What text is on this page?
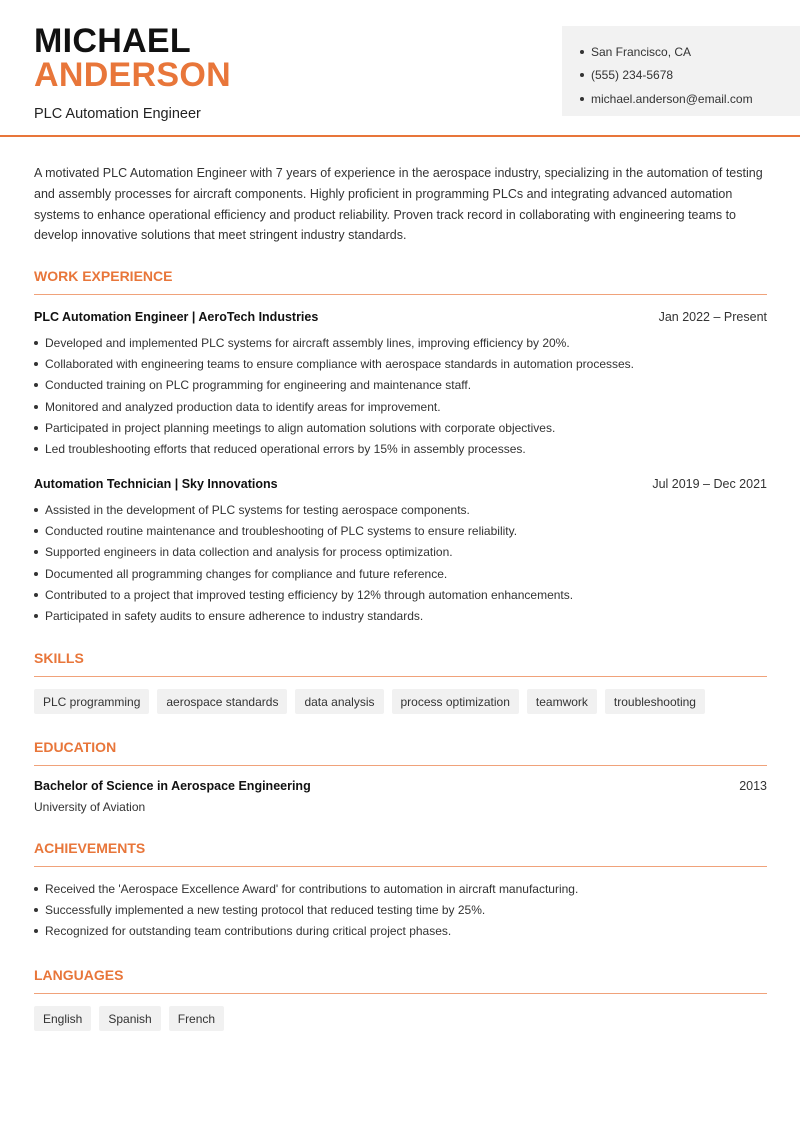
MICHAEL
ANDERSON
PLC Automation Engineer
San Francisco, CA
(555) 234-5678
michael.anderson@email.com
A motivated PLC Automation Engineer with 7 years of experience in the aerospace industry, specializing in the automation of testing and assembly processes for aircraft components. Highly proficient in programming PLCs and integrating advanced automation systems to enhance operational efficiency and product reliability. Proven track record in collaborating with engineering teams to develop innovative solutions that meet stringent industry standards.
WORK EXPERIENCE
PLC Automation Engineer | AeroTech Industries	Jan 2022 – Present
Developed and implemented PLC systems for aircraft assembly lines, improving efficiency by 20%.
Collaborated with engineering teams to ensure compliance with aerospace standards in automation processes.
Conducted training on PLC programming for engineering and maintenance staff.
Monitored and analyzed production data to identify areas for improvement.
Participated in project planning meetings to align automation solutions with corporate objectives.
Led troubleshooting efforts that reduced operational errors by 15% in assembly processes.
Automation Technician | Sky Innovations	Jul 2019 – Dec 2021
Assisted in the development of PLC systems for testing aerospace components.
Conducted routine maintenance and troubleshooting of PLC systems to ensure reliability.
Supported engineers in data collection and analysis for process optimization.
Documented all programming changes for compliance and future reference.
Contributed to a project that improved testing efficiency by 12% through automation enhancements.
Participated in safety audits to ensure adherence to industry standards.
SKILLS
PLC programming	aerospace standards	data analysis	process optimization	teamwork	troubleshooting
EDUCATION
Bachelor of Science in Aerospace Engineering	2013
University of Aviation
ACHIEVEMENTS
Received the 'Aerospace Excellence Award' for contributions to automation in aircraft manufacturing.
Successfully implemented a new testing protocol that reduced testing time by 25%.
Recognized for outstanding team contributions during critical project phases.
LANGUAGES
English	Spanish	French
